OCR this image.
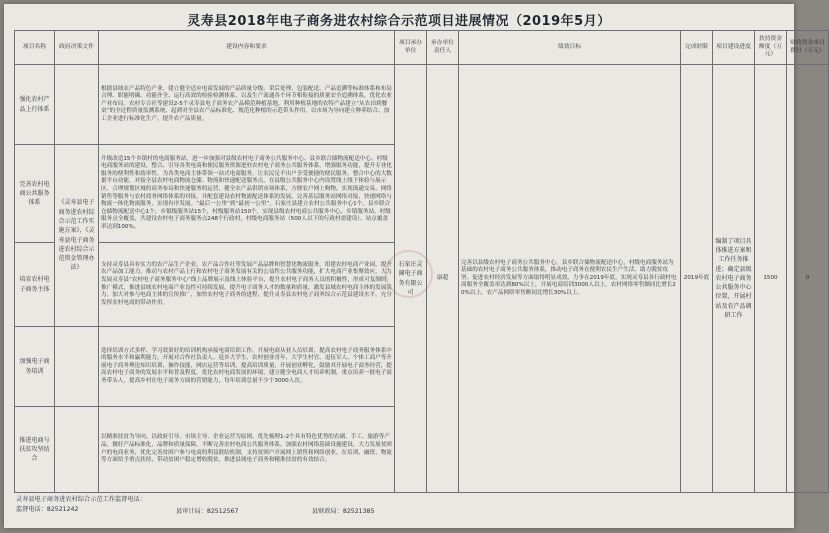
灵寿县2018年电子商务进农村综合示范项目进展情况（2019年5月）
项目名称	政府决策文件	建设内容和要求	项目承办单位	承办单位责任人	绩效目标	完成时限	项目建设进度	扶持资金额度（万元）	财政资金本月拨付（万元）
强化农村产品上行体系		根据县域农产品特色产业，建立健全适应电商发展的产品质量分级、采后处理、包装配送、产品追溯等标准体系和布局合理、职能明确、功能齐全、运行高效的检验检测体系，以及生产流通各个环节相衔接的质量安全追溯体系，优化农业产业布局。农村专合社等建设2-5个灵寿县电子商务农产品模范种植基地，利用种植基地的农特产品建立“从农田到餐桌”的全过程质量监测系统，起到对全县农产品标准化、规范化种植的示范带头作用，以市场为导向建立种养结合、加工企业进行标准化生产，提升农产品质量。	石家庄灵阔电子商务有限公司	康超	完善以县级农村电子商务公共服务中心，县乡联合储物流配送中心，村级电商服务站为基础的农村电子商务公共服务体系，推动电子商务在便利农民生产生活、助力脱贫攻坚、促进农村经济发展等方面取得明显成效，力争在2019年底，实现灵寿县各行政村电商服务全覆盖率达到80%以上，开展电商培训3000人以上，农村网络零售额同比增长20%以上，农产品网络零售额同比增长30%以上。	2019年底	编制了项目具体推进方案和工作任务推进；确定县级农村电子商务公共服务中心位置，开展村站及农产品调研工作	1500	0
完善农村电商公共服务体系	《灵寿县电子商务进农村综合示范工作实施方案》，《灵寿县电子商务进农村综合示范资金管理办法》	升级改造15个乡镇村的电商服务站，进一步加强对县级农村电子商务公共服务中心、县乡联合储物流配送中心、村级电商服务站的建设、整合、引导各类电商和便民服务资源进驻农村电子商务公共服务体系，增强服务功能，提升专业化服务的便利性和效率性，为各类电商主体带领一站式电商服务，让农民足不出户享受便捷的便民服务。整合中心的大数据平台功能，对接全县农村电商物流仓储、物流和快递配送服务点，在县级公共服务中心内设置线上线下体验与展示区，合理规划区域的商务布局和快递服务的运营，健全农产品供销市场体系，方便农户网上购物，实现流通交易、网络销售等服务与农村商务网络体系的对接，并配套建设农村物流配送体系的发展，完善基层服务站网络对接，快递网络与物流一体化物流服务，实现有序发展。“最后一公里”到“最初一公里”，石家庄县建立农村公共服务中心1个，县乡联合仓储物流配送中心1个，乡镇级服务站15个，村级服务站150个，实现县级农村电商公共服务中心、乡镇服务站、村级服务点全覆盖，共建设农村电子商务服务点248个行政村，村级电商服务站（500人以下的行政村需建设），站点覆盖率达到100%。							
培育农村电子商务主体		支持灵寿县具有实力的农产品生产企业、农产品合作社等发展产品品牌和智慧化物流服务，组建农村电商产业园，提升农产品加工能力，推动与农村产品上行和农村电子商务发展有关的公益性公共服务功能，扩大电商产业集聚效应，大力发展灵寿县“农村电子商务服务中心”线上品牌展示及线上体验平台，提升农村电子商务人员的积极性，形成可复制的推广模式，推进县域农村电商产业良性可持续发展，提升电子商务人才的数量和质量，激发县域农村电商主体的发展活力，加大对参与电商主体的宣传推广，加快农村电子商务的进程，提升灵寿县农村电子商务综合示范县建设水平，充分发挥农村电商的带动作用。							
加强电子商务培训		选择培训方式多样、学习效果好的培训机构承接电商培训工作，开展电商从业人员培训，提高农村电子商务服务体系中的服务水平和赢利能力，开展对合作社负责人、返乡大学生、农村创业青年、大学生村官、退伍军人、个体工商户等开展电子商务理论知识培训，操作技能、网店运营等培训，提高培训质量，开展创业孵化，鼓励其开展电子商务经营，提高农村电子商务的发展水平和普及程度，优化农村电商发展的环境，建立健全电商人才培养机制，重点培养一批电子商务带头人，提高乡村在电子商务方面的营销能力，每年培训总量不少于3000人次。							
推进电商与扶贫攻坚结合		以精准扶贫为导向，以政府引导、市场主导、企业运营为原则，优先梳理1-2个具有特色优势的农副、手工、旅游等产品，做好产品标准化、品牌和质量保障，不断完善农村电商公共服务体系，加强农村网络基础设施建设，大力发展贫困户的电商业务，优化完善贫困户参与电商的利益联结机制，支持贫困户开展网上销售和网络创业，在培训、融资、物流等方面给予重点扶持，带动贫困户稳定增收脱贫，推进县域电子商务和精准扶贫的有效结合。							
灵寿县电子商务进农村综合示范工作监督电话：
监督电话：82521242	县审计局：82512567	县财政局：82521385
